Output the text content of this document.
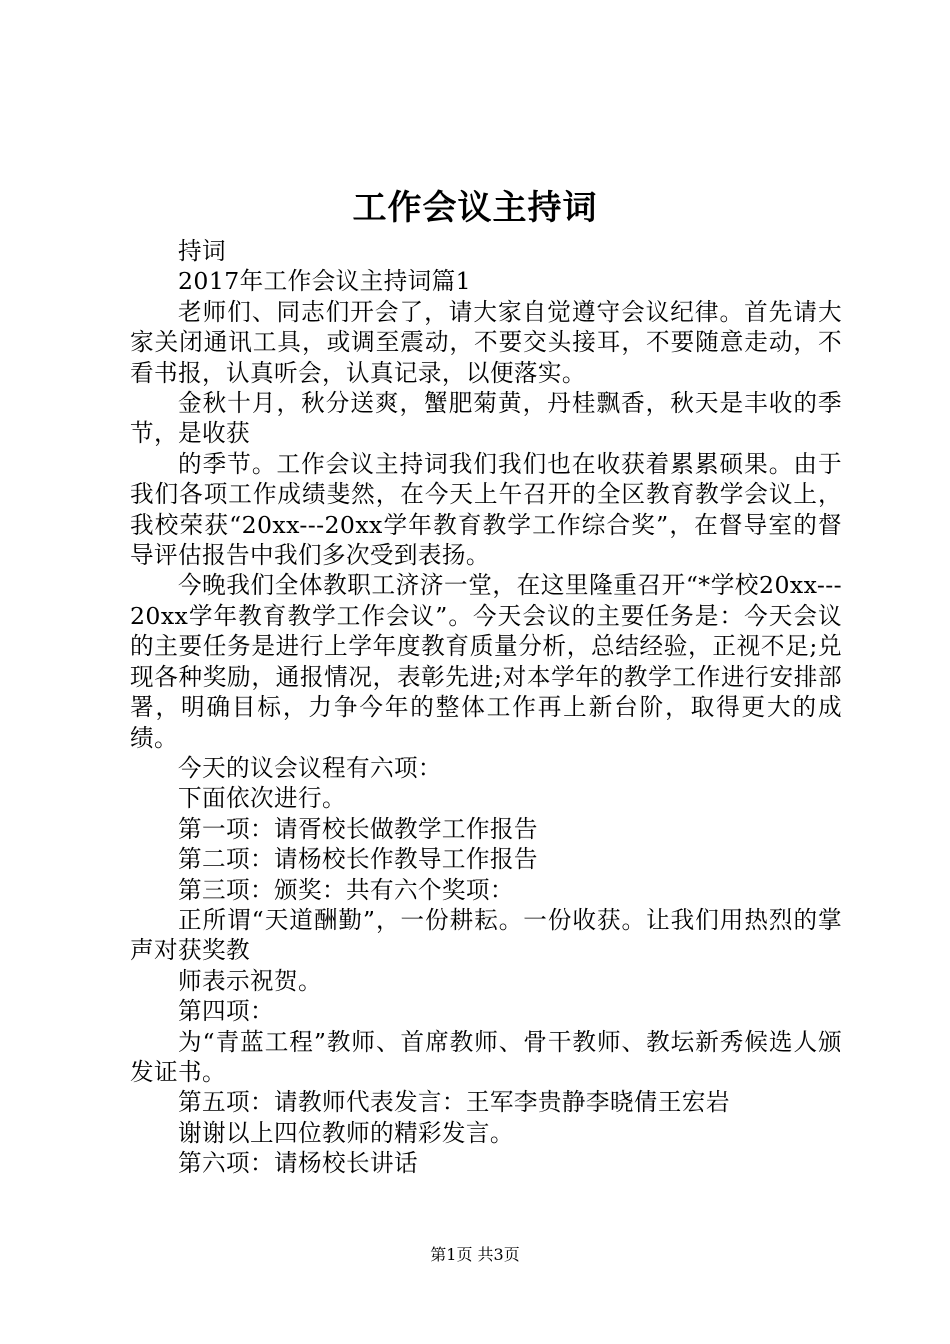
工作会议主持词

持词

2017年工作会议主持词篇1

老师们、同志们开会了，请大家自觉遵守会议纪律。首先请大家关闭通讯工具，或调至震动，不要交头接耳，不要随意走动，不看书报，认真听会，认真记录，以便落实。

金秋十月，秋分送爽，蟹肥菊黄，丹桂飘香，秋天是丰收的季节，是收获

的季节。工作会议主持词我们我们也在收获着累累硕果。由于我们各项工作成绩斐然，在今天上午召开的全区教育教学会议上，我校荣获“20xx---20xx学年教育教学工作综合奖”，在督导室的督导评估报告中我们多次受到表扬。

今晚我们全体教职工济济一堂，在这里隆重召开“*学校20xx---20xx学年教育教学工作会议”。今天会议的主要任务是：今天会议的主要任务是进行上学年度教育质量分析，总结经验，正视不足;兑现各种奖励，通报情况，表彰先进;对本学年的教学工作进行安排部署，明确目标，力争今年的整体工作再上新台阶，取得更大的成绩。

今天的议会议程有六项：

下面依次进行。

第一项：请胥校长做教学工作报告

第二项：请杨校长作教导工作报告

第三项：颁奖：共有六个奖项：

正所谓“天道酬勤”，一份耕耘。一份收获。让我们用热烈的掌声对获奖教

师表示祝贺。

第四项：

为“青蓝工程”教师、首席教师、骨干教师、教坛新秀候选人颁发证书。

第五项：请教师代表发言：王军李贵静李晓倩王宏岩

谢谢以上四位教师的精彩发言。

第六项：请杨校长讲话

第1页 共3页
